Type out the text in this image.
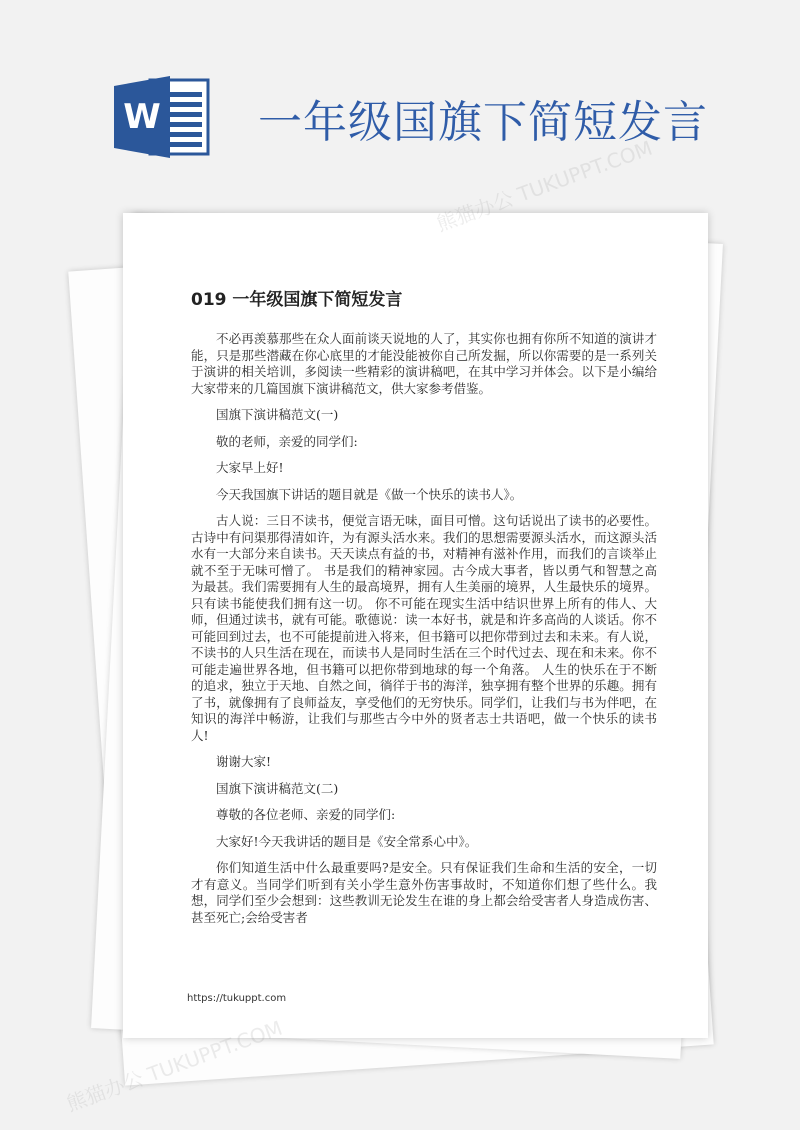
W 一年级国旗下简短发言
019 一年级国旗下简短发言

不必再羡慕那些在众人面前谈天说地的人了，其实你也拥有你所不知道的演讲才能，只是那些潜藏在你心底里的才能没能被你自己所发掘，所以你需要的是一系列关于演讲的相关培训，多阅读一些精彩的演讲稿吧，在其中学习并体会。以下是小编给大家带来的几篇国旗下演讲稿范文，供大家参考借鉴。

国旗下演讲稿范文(一)

敬的老师，亲爱的同学们:

大家早上好!

今天我国旗下讲话的题目就是《做一个快乐的读书人》。

古人说：三日不读书，便觉言语无味，面目可憎。这句话说出了读书的必要性。古诗中有问渠那得清如许，为有源头活水来。我们的思想需要源头活水，而这源头活水有一大部分来自读书。天天读点有益的书，对精神有滋补作用，而我们的言谈举止就不至于无味可憎了。 书是我们的精神家园。古今成大事者，皆以勇气和智慧之高为最甚。我们需要拥有人生的最高境界，拥有人生美丽的境界，人生最快乐的境界。只有读书能使我们拥有这一切。 你不可能在现实生活中结识世界上所有的伟人、大师，但通过读书，就有可能。歌德说：读一本好书，就是和许多高尚的人谈话。你不可能回到过去，也不可能提前进入将来，但书籍可以把你带到过去和未来。有人说，不读书的人只生活在现在，而读书人是同时生活在三个时代过去、现在和未来。你不可能走遍世界各地，但书籍可以把你带到地球的每一个角落。 人生的快乐在于不断的追求，独立于天地、自然之间，徜徉于书的海洋，独享拥有整个世界的乐趣。拥有了书，就像拥有了良师益友，享受他们的无穷快乐。同学们，让我们与书为伴吧，在知识的海洋中畅游，让我们与那些古今中外的贤者志士共语吧，做一个快乐的读书人!

谢谢大家!

国旗下演讲稿范文(二)

尊敬的各位老师、亲爱的同学们:

大家好!今天我讲话的题目是《安全常系心中》。

你们知道生活中什么最重要吗?是安全。只有保证我们生命和生活的安全，一切才有意义。当同学们听到有关小学生意外伤害事故时，不知道你们想了些什么。我想，同学们至少会想到：这些教训无论发生在谁的身上都会给受害者人身造成伤害、甚至死亡;会给受害者

https://tukuppt.com
熊猫办公 TUKUPPT.COM
熊猫办公
